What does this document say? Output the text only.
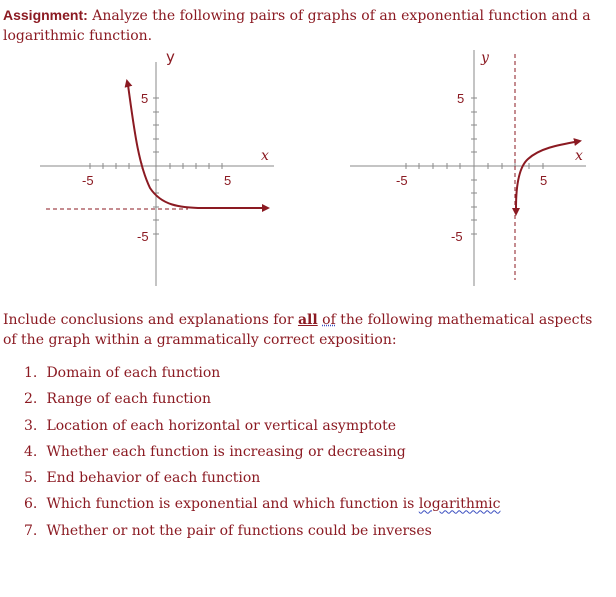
Assignment: Analyze the following pairs of graphs of an exponential function and a logarithmic function.

-5	5
5
-5
x
y
-5	5
5
-5
x
y

Include conclusions and explanations for all of the following mathematical aspects of the graph within a grammatically correct exposition:

1. Domain of each function
2. Range of each function
3. Location of each horizontal or vertical asymptote
4. Whether each function is increasing or decreasing
5. End behavior of each function
6. Which function is exponential and which function is logarithmic
7. Whether or not the pair of functions could be inverses
